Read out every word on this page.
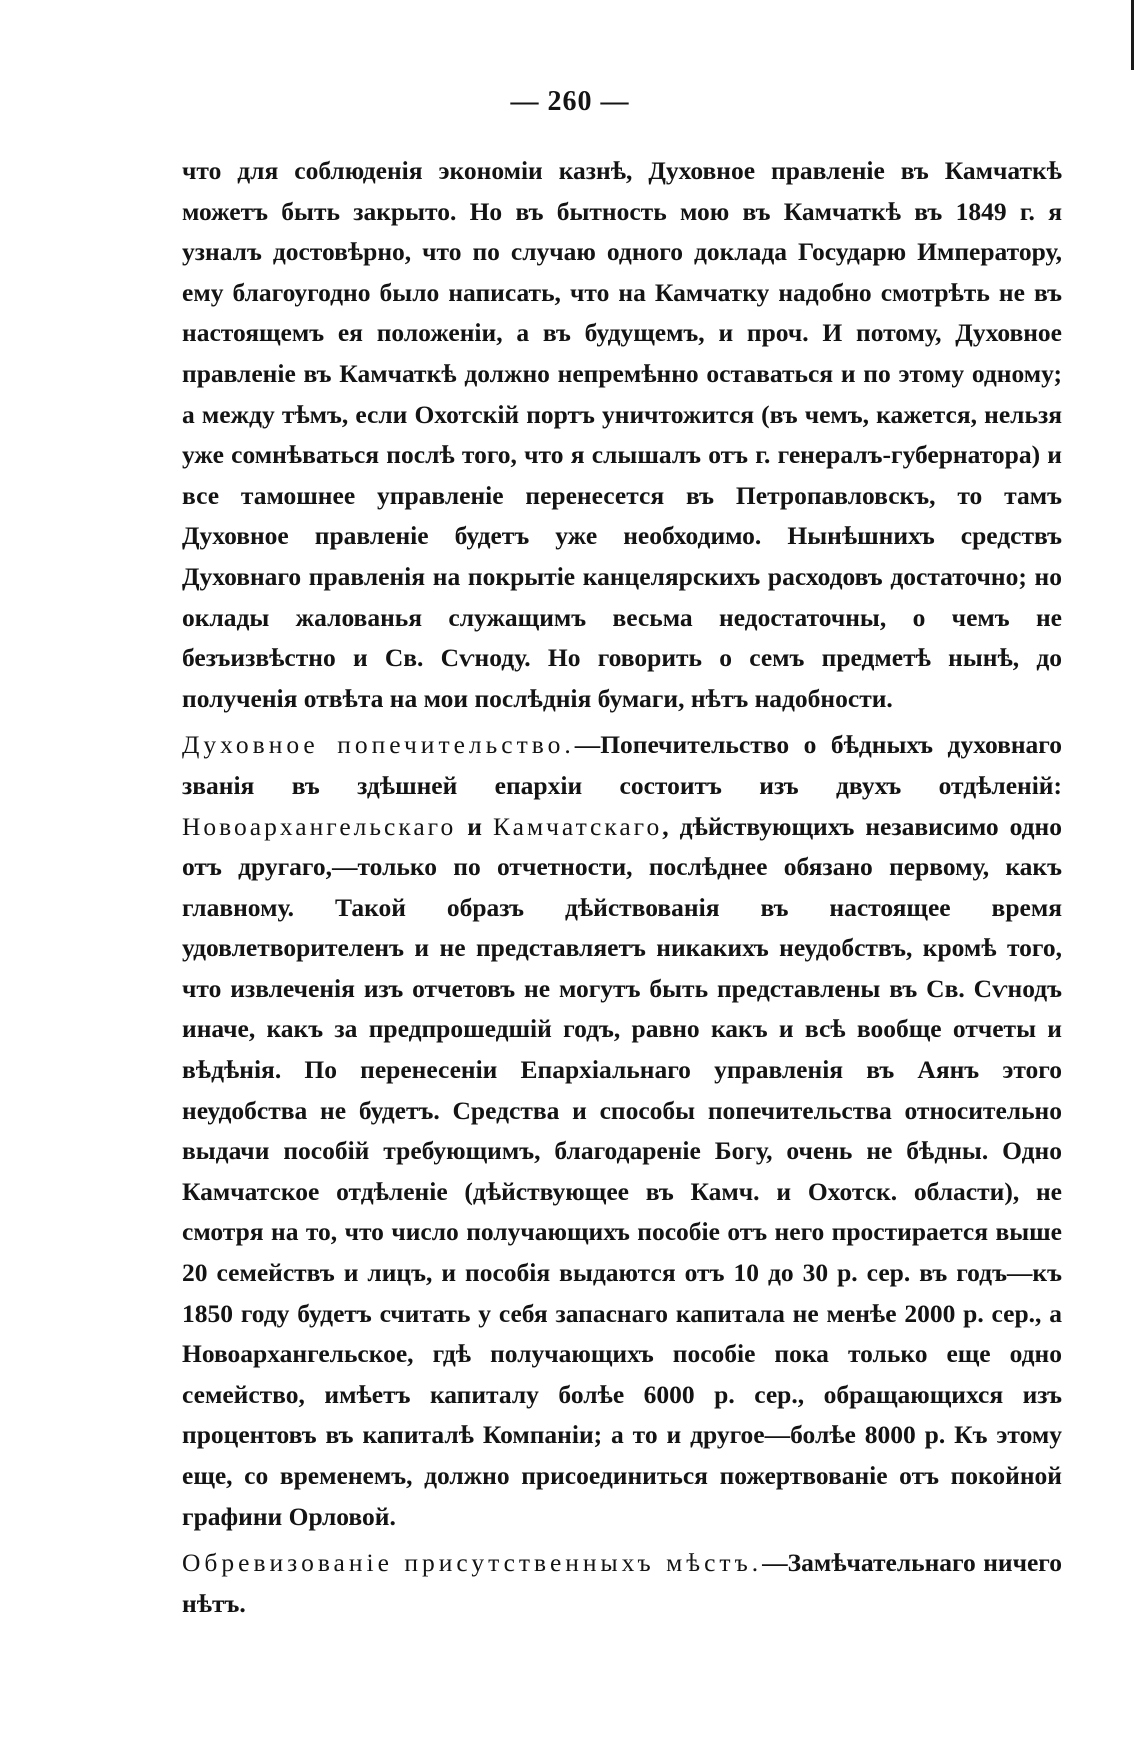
— 260 —

что для соблюденія экономіи казнѣ, Духовное правленіе въ Камчаткѣ можетъ быть закрыто. Но въ бытность мою въ Камчаткѣ въ 1849 г. я узналъ достовѣрно, что по случаю одного доклада Государю Императору, ему благоугодно было написать, что на Камчатку надобно смотрѣть не въ настоящемъ ея положеніи, а въ будущемъ, и проч. И потому, Духовное правленіе въ Камчаткѣ должно непремѣнно оставаться и по этому одному; а между тѣмъ, если Охотскій портъ уничтожится (въ чемъ, кажется, нельзя уже сомнѣваться послѣ того, что я слышалъ отъ г. генералъ-губернатора) и все тамошнее управленіе перенесется въ Петропавловскъ, то тамъ Духовное правленіе будетъ уже необходимо. Нынѣшнихъ средствъ Духовнаго правленія на покрытіе канцелярскихъ расходовъ достаточно; но оклады жалованья служащимъ весьма недостаточны, о чемъ не безъизвѣстно и Св. Сѵноду. Но говорить о семъ предметѣ нынѣ, до полученія отвѣта на мои послѣднія бумаги, нѣтъ надобности.

Духовное попечительство.—Попечительство о бѣдныхъ духовнаго званія въ здѣшней епархіи состоитъ изъ двухъ отдѣленій: Новоархангельскаго и Камчатскаго, дѣйствующихъ независимо одно отъ другаго,—только по отчетности, послѣднее обязано первому, какъ главному. Такой образъ дѣйствованія въ настоящее время удовлетворителенъ и не представляетъ никакихъ неудобствъ, кромѣ того, что извлеченія изъ отчетовъ не могутъ быть представлены въ Св. Сѵнодъ иначе, какъ за предпрошедшій годъ, равно какъ и всѣ вообще отчеты и вѣдѣнія. По перенесеніи Епархіальнаго управленія въ Аянъ этого неудобства не будетъ. Средства и способы попечительства относительно выдачи пособій требующимъ, благодареніе Богу, очень не бѣдны. Одно Камчатское отдѣленіе (дѣйствующее въ Камч. и Охотск. области), не смотря на то, что число получающихъ пособіе отъ него простирается выше 20 семействъ и лицъ, и пособія выдаются отъ 10 до 30 р. сер. въ годъ—къ 1850 году будетъ считать у себя запаснаго капитала не менѣе 2000 р. сер., а Новоархангельское, гдѣ получающихъ пособіе пока только еще одно семейство, имѣетъ капиталу болѣе 6000 р. сер., обращающихся изъ процентовъ въ капиталѣ Компаніи; а то и другое—болѣе 8000 р. Къ этому еще, со временемъ, должно присоединиться пожертвованіе отъ покойной графини Орловой.

Обревизованіе присутственныхъ мѣстъ.—Замѣчательнаго ничего нѣтъ.
